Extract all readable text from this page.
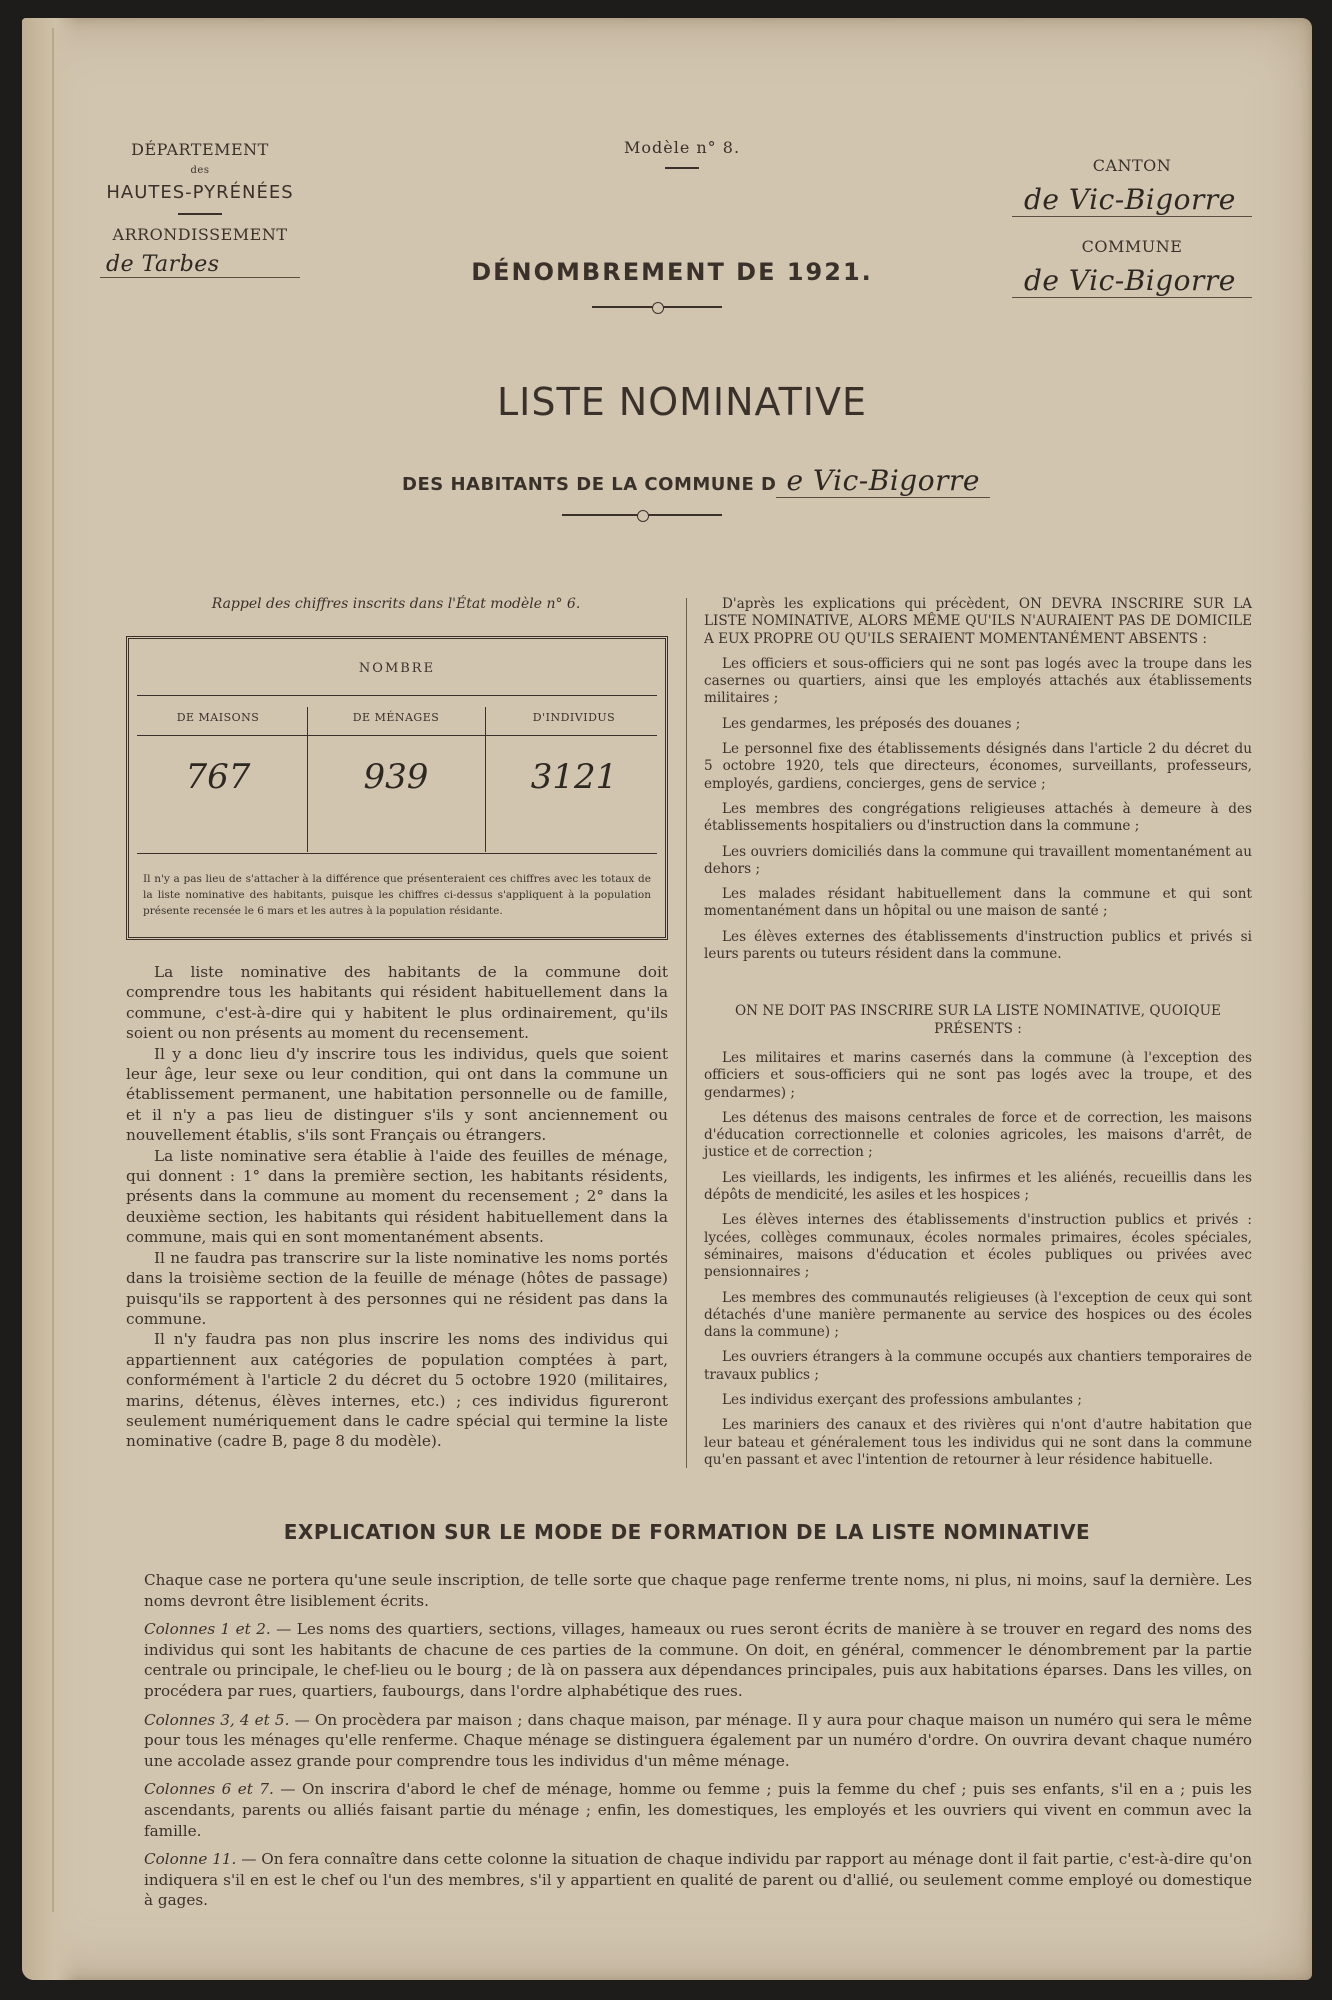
DÉPARTEMENT
des
HAUTES-PYRÉNÉES
ARRONDISSEMENT
de Tarbes
Modèle n° 8.
DÉNOMBREMENT DE 1921.
CANTON
de Vic-Bigorre
COMMUNE
de Vic-Bigorre
LISTE NOMINATIVE
DES HABITANTS DE LA COMMUNE D e Vic-Bigorre
Rappel des chiffres inscrits dans l'État modèle n° 6.
NOMBRE
DE MAISONS	DE MÉNAGES	D'INDIVIDUS
767	939	3121
Il n'y a pas lieu de s'attacher à la différence que présenteraient ces chiffres avec les totaux de la liste nominative des habitants, puisque les chiffres ci-dessus s'appliquent à la population présente recensée le 6 mars et les autres à la population résidante.

La liste nominative des habitants de la commune doit comprendre tous les habitants qui résident habituellement dans la commune, c'est-à-dire qui y habitent le plus ordinairement, qu'ils soient ou non présents au moment du recensement.

Il y a donc lieu d'y inscrire tous les individus, quels que soient leur âge, leur sexe ou leur condition, qui ont dans la commune un établissement permanent, une habitation personnelle ou de famille, et il n'y a pas lieu de distinguer s'ils y sont anciennement ou nouvellement établis, s'ils sont Français ou étrangers.

La liste nominative sera établie à l'aide des feuilles de ménage, qui donnent : 1° dans la première section, les habitants résidents, présents dans la commune au moment du recensement ; 2° dans la deuxième section, les habitants qui résident habituellement dans la commune, mais qui en sont momentanément absents.

Il ne faudra pas transcrire sur la liste nominative les noms portés dans la troisième section de la feuille de ménage (hôtes de passage) puisqu'ils se rapportent à des personnes qui ne résident pas dans la commune.

Il n'y faudra pas non plus inscrire les noms des individus qui appartiennent aux catégories de population comptées à part, conformément à l'article 2 du décret du 5 octobre 1920 (militaires, marins, détenus, élèves internes, etc.) ; ces individus figureront seulement numériquement dans le cadre spécial qui termine la liste nominative (cadre B, page 8 du modèle).

D'après les explications qui précèdent, ON DEVRA INSCRIRE SUR LA LISTE NOMINATIVE, ALORS MÊME QU'ILS N'AURAIENT PAS DE DOMICILE A EUX PROPRE OU QU'ILS SERAIENT MOMENTANÉMENT ABSENTS :

Les officiers et sous-officiers qui ne sont pas logés avec la troupe dans les casernes ou quartiers, ainsi que les employés attachés aux établissements militaires ;

Les gendarmes, les préposés des douanes ;

Le personnel fixe des établissements désignés dans l'article 2 du décret du 5 octobre 1920, tels que directeurs, économes, surveillants, professeurs, employés, gardiens, concierges, gens de service ;

Les membres des congrégations religieuses attachés à demeure à des établissements hospitaliers ou d'instruction dans la commune ;

Les ouvriers domiciliés dans la commune qui travaillent momentanément au dehors ;

Les malades résidant habituellement dans la commune et qui sont momentanément dans un hôpital ou une maison de santé ;

Les élèves externes des établissements d'instruction publics et privés si leurs parents ou tuteurs résident dans la commune.

ON NE DOIT PAS INSCRIRE SUR LA LISTE NOMINATIVE, QUOIQUE PRÉSENTS :

Les militaires et marins casernés dans la commune (à l'exception des officiers et sous-officiers qui ne sont pas logés avec la troupe, et des gendarmes) ;

Les détenus des maisons centrales de force et de correction, les maisons d'éducation correctionnelle et colonies agricoles, les maisons d'arrêt, de justice et de correction ;

Les vieillards, les indigents, les infirmes et les aliénés, recueillis dans les dépôts de mendicité, les asiles et les hospices ;

Les élèves internes des établissements d'instruction publics et privés : lycées, collèges communaux, écoles normales primaires, écoles spéciales, séminaires, maisons d'éducation et écoles publiques ou privées avec pensionnaires ;

Les membres des communautés religieuses (à l'exception de ceux qui sont détachés d'une manière permanente au service des hospices ou des écoles dans la commune) ;

Les ouvriers étrangers à la commune occupés aux chantiers temporaires de travaux publics ;

Les individus exerçant des professions ambulantes ;

Les mariniers des canaux et des rivières qui n'ont d'autre habitation que leur bateau et généralement tous les individus qui ne sont dans la commune qu'en passant et avec l'intention de retourner à leur résidence habituelle.

EXPLICATION SUR LE MODE DE FORMATION DE LA LISTE NOMINATIVE

Chaque case ne portera qu'une seule inscription, de telle sorte que chaque page renferme trente noms, ni plus, ni moins, sauf la dernière. Les noms devront être lisiblement écrits.

Colonnes 1 et 2. — Les noms des quartiers, sections, villages, hameaux ou rues seront écrits de manière à se trouver en regard des noms des individus qui sont les habitants de chacune de ces parties de la commune. On doit, en général, commencer le dénombrement par la partie centrale ou principale, le chef-lieu ou le bourg ; de là on passera aux dépendances principales, puis aux habitations éparses. Dans les villes, on procédera par rues, quartiers, faubourgs, dans l'ordre alphabétique des rues.

Colonnes 3, 4 et 5. — On procèdera par maison ; dans chaque maison, par ménage. Il y aura pour chaque maison un numéro qui sera le même pour tous les ménages qu'elle renferme. Chaque ménage se distinguera également par un numéro d'ordre. On ouvrira devant chaque numéro une accolade assez grande pour comprendre tous les individus d'un même ménage.

Colonnes 6 et 7. — On inscrira d'abord le chef de ménage, homme ou femme ; puis la femme du chef ; puis ses enfants, s'il en a ; puis les ascendants, parents ou alliés faisant partie du ménage ; enfin, les domestiques, les employés et les ouvriers qui vivent en commun avec la famille.

Colonne 11. — On fera connaître dans cette colonne la situation de chaque individu par rapport au ménage dont il fait partie, c'est-à-dire qu'on indiquera s'il en est le chef ou l'un des membres, s'il y appartient en qualité de parent ou d'allié, ou seulement comme employé ou domestique à gages.
